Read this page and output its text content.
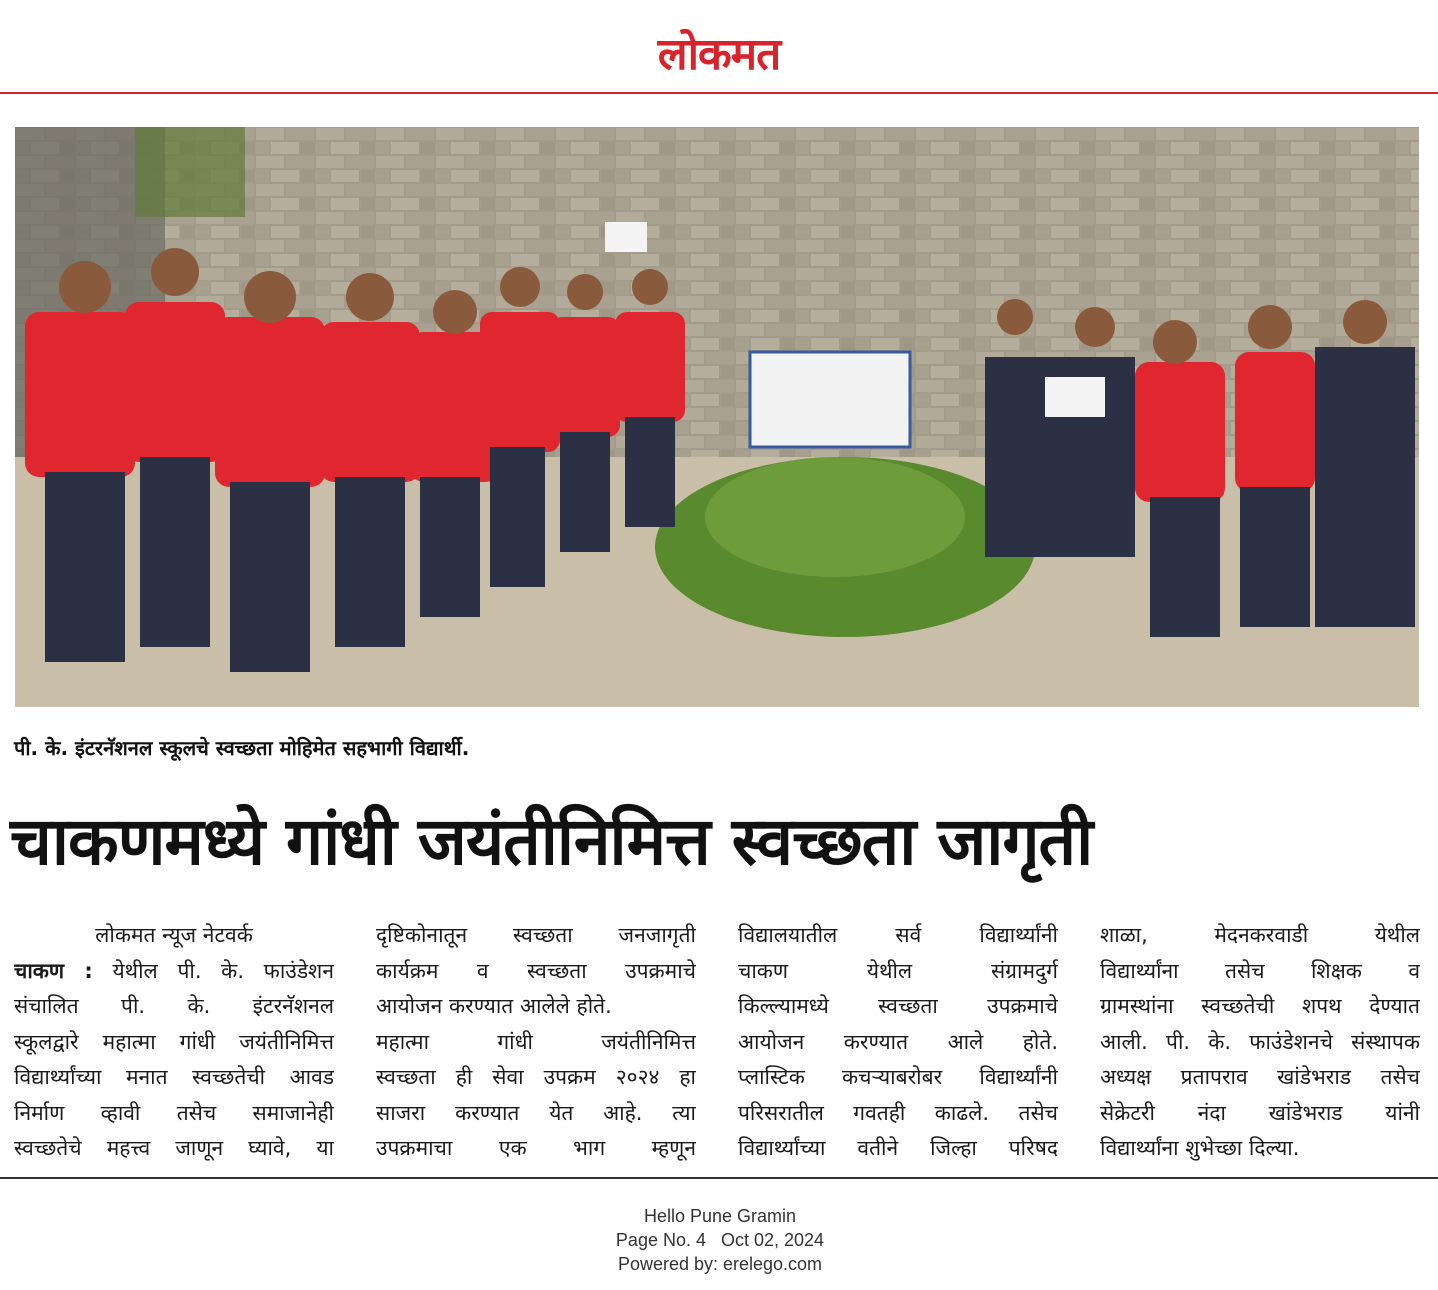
लोकमत
पी. के. इंटरनॅशनल स्कूलचे स्वच्छता मोहिमेत सहभागी विद्यार्थी.
चाकणमध्ये गांधी जयंतीनिमित्त स्वच्छता जागृती
लोकमत न्यूज नेटवर्क
चाकण : येथील पी. के. फाउंडेशन
संचालित पी. के. इंटरनॅशनल
स्कूलद्वारे महात्मा गांधी जयंतीनिमित्त
विद्यार्थ्यांच्या मनात स्वच्छतेची आवड
निर्माण व्हावी तसेच समाजानेही
स्वच्छतेचे महत्त्व जाणून घ्यावे, या
दृष्टिकोनातून स्वच्छता जनजागृती
कार्यक्रम व स्वच्छता उपक्रमाचे
आयोजन करण्यात आलेले होते.
महात्मा गांधी जयंतीनिमित्त
स्वच्छता ही सेवा उपक्रम २०२४ हा
साजरा करण्यात येत आहे. त्या
उपक्रमाचा एक भाग म्हणून
विद्यालयातील सर्व विद्यार्थ्यांनी
चाकण येथील संग्रामदुर्ग
किल्ल्यामध्ये स्वच्छता उपक्रमाचे
आयोजन करण्यात आले होते.
प्लास्टिक कचऱ्याबरोबर विद्यार्थ्यांनी
परिसरातील गवतही काढले. तसेच
विद्यार्थ्यांच्या वतीने जिल्हा परिषद
शाळा, मेदनकरवाडी येथील
विद्यार्थ्यांना तसेच शिक्षक व
ग्रामस्थांना स्वच्छतेची शपथ देण्यात
आली. पी. के. फाउंडेशनचे संस्थापक
अध्यक्ष प्रतापराव खांडेभराड तसेच
सेक्रेटरी नंदा खांडेभराड यांनी
विद्यार्थ्यांना शुभेच्छा दिल्या.
Hello Pune Gramin
Page No. 4 Oct 02, 2024
Powered by: erelego.com
